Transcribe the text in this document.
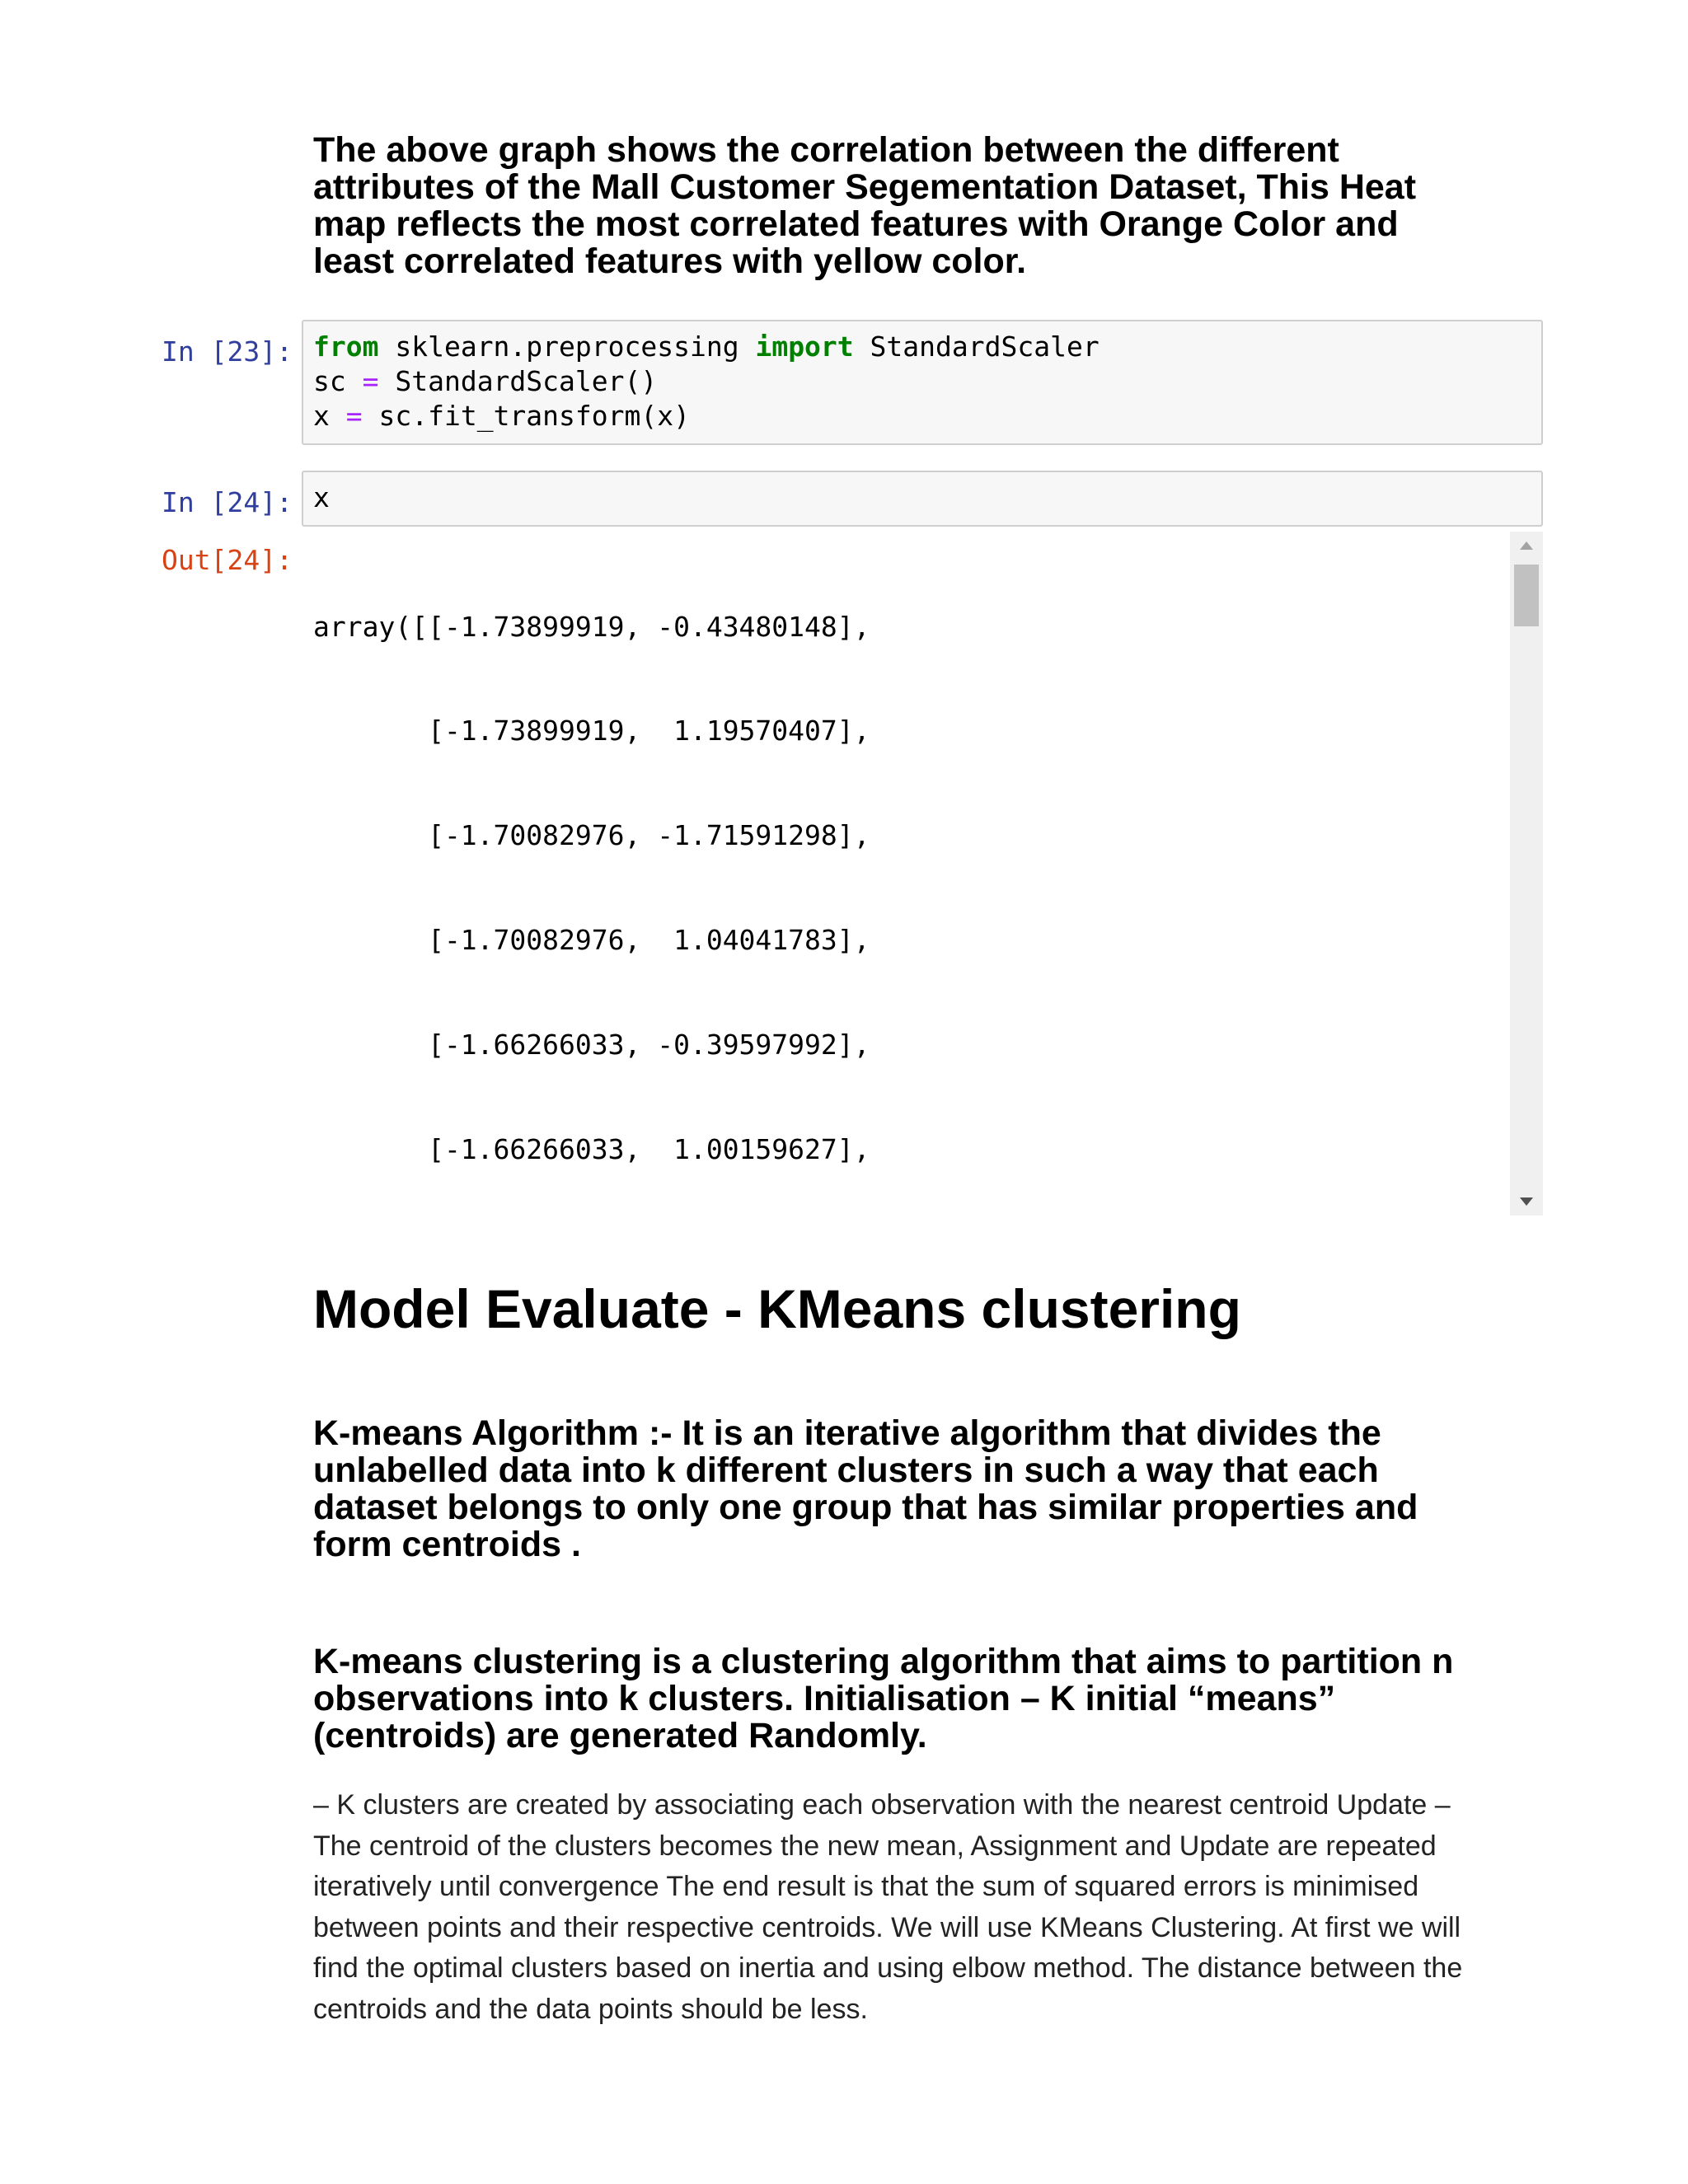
The above graph shows the correlation between the different
attributes of the Mall Customer Segementation Dataset, This Heat
map reflects the most correlated features with Orange Color and
least correlated features with yellow color.
In [23]: from sklearn.preprocessing import StandardScaler
sc = StandardScaler()
x = sc.fit_transform(x)
In [24]: x
Out[24]:

array([[-1.73899919, -0.43480148],

[-1.73899919,  1.19570407],

[-1.70082976, -1.71591298],

[-1.70082976,  1.04041783],

[-1.66266033, -0.39597992],

[-1.66266033,  1.00159627],

Model Evaluate - KMeans clustering
K-means Algorithm :- It is an iterative algorithm that divides the
unlabelled data into k different clusters in such a way that each
dataset belongs to only one group that has similar properties and
form centroids .
K-means clustering is a clustering algorithm that aims to partition n
observations into k clusters. Initialisation – K initial “means”
(centroids) are generated Randomly.
– K clusters are created by associating each observation with the nearest centroid Update –
The centroid of the clusters becomes the new mean, Assignment and Update are repeated
iteratively until convergence The end result is that the sum of squared errors is minimised
between points and their respective centroids. We will use KMeans Clustering. At first we will
find the optimal clusters based on inertia and using elbow method. The distance between the
centroids and the data points should be less.
